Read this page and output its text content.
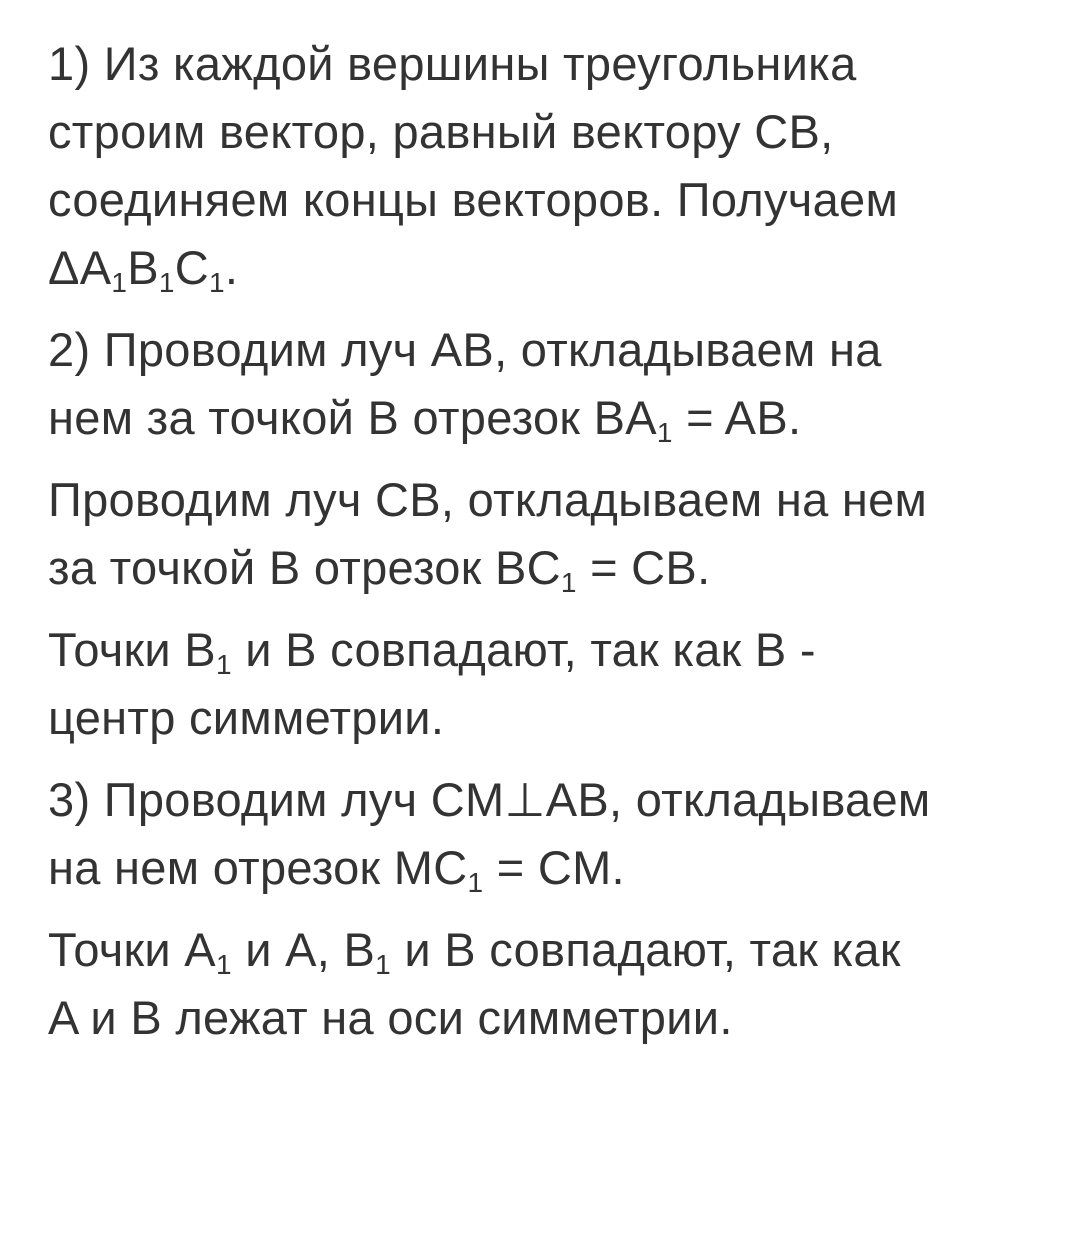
1) Из каждой вершины треугольника
строим вектор, равный вектору CB,
соединяем концы векторов. Получаем
$\Delta A_1B_1C_1$.
2) Проводим луч AB, откладываем на
нем за точкой B отрезок $BA_1$ = AB.
Проводим луч CB, откладываем на нем
за точкой B отрезок $BC_1$ = CB.
Точки $B_1$ и B совпадают, так как B -
центр симметрии.
3) Проводим луч CM⊥AB, откладываем
на нем отрезок $MC_1$ = CM.
Точки $A_1$ и A, $B_1$ и B совпадают, так как
A и B лежат на оси симметрии.
